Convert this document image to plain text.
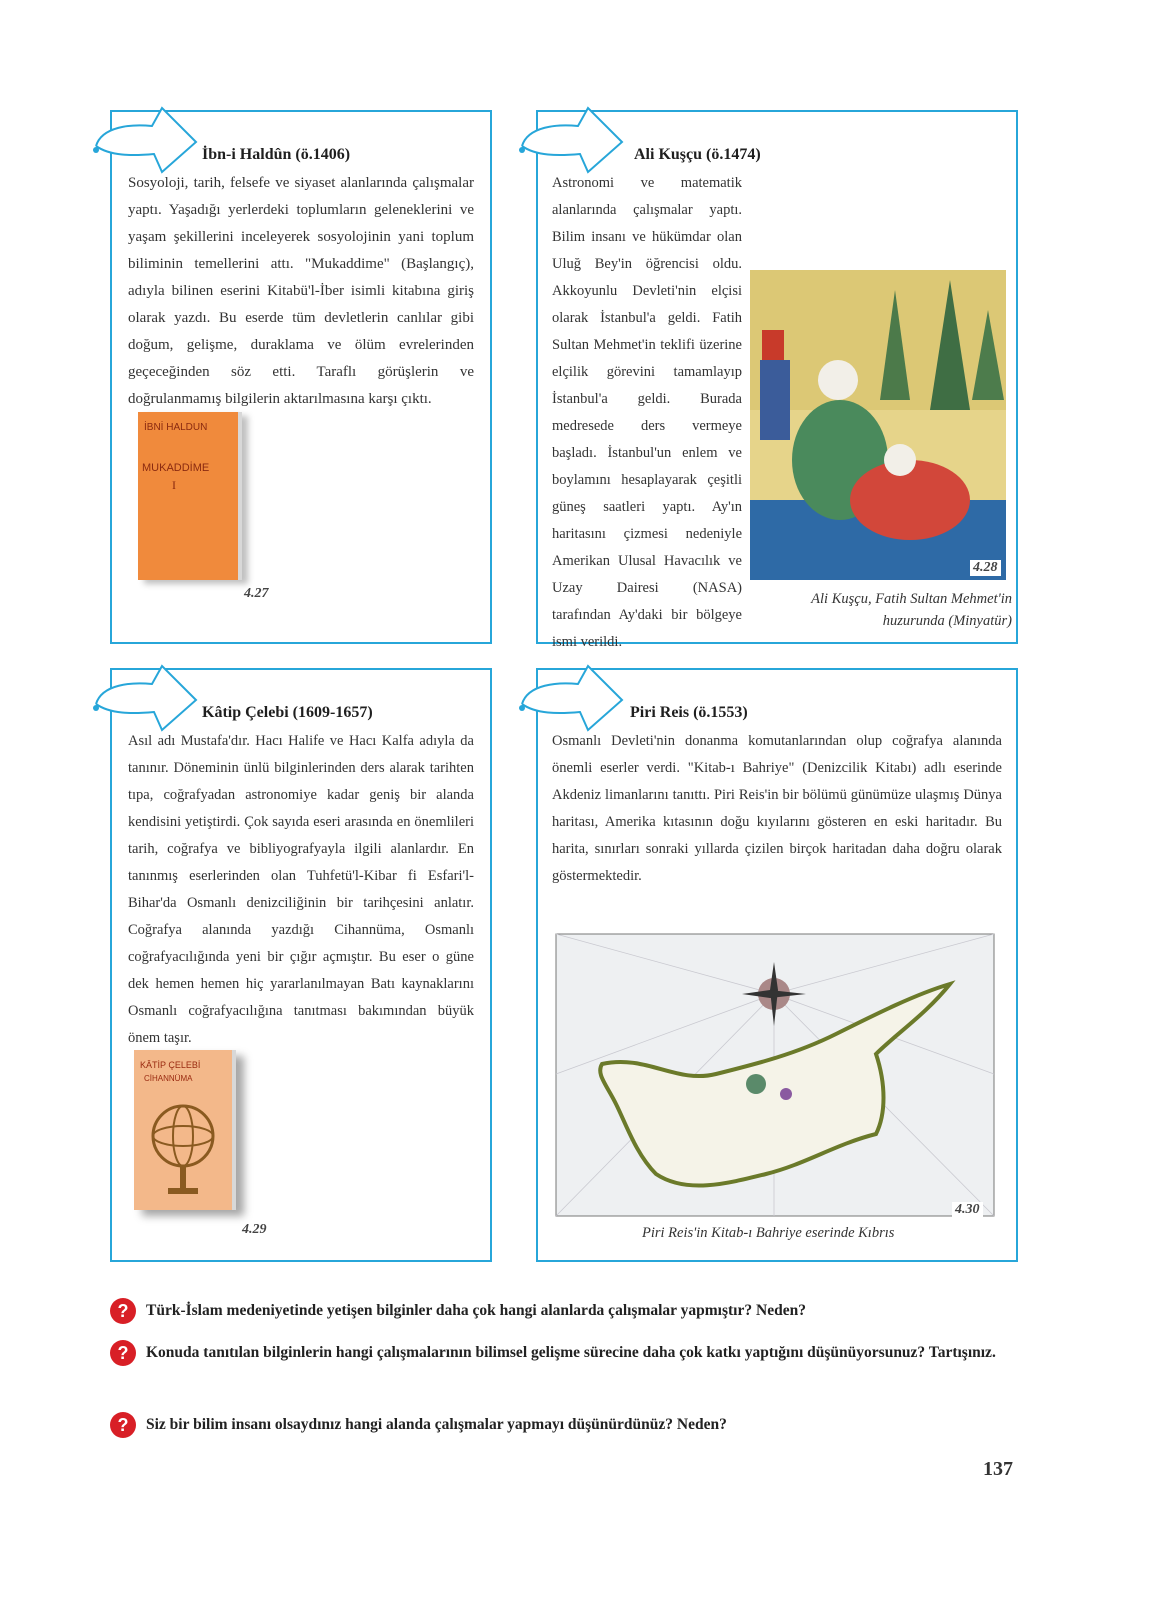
İbn-i Haldûn (ö.1406)
Sosyoloji, tarih, felsefe ve siyaset alanlarında çalışmalar yaptı. Yaşadığı yerlerdeki toplumların geleneklerini ve yaşam şekillerini inceleyerek sosyolojinin yani toplum biliminin temellerini attı. "Mukaddime" (Başlangıç), adıyla bilinen eserini Kitabü'l-İber isimli kitabına giriş olarak yazdı. Bu eserde tüm devletlerin canlılar gibi doğum, gelişme, duraklama ve ölüm evrelerinden geçeceğinden söz etti. Taraflı görüşlerin ve doğrulanmamış bilgilerin aktarılmasına karşı çıktı.
İBNİ HALDUN
MUKADDİME
I
4.27
Ali Kuşçu (ö.1474)
Astronomi ve matematik alanlarında çalışmalar yaptı. Bilim insanı ve hükümdar olan Uluğ Bey'in öğrencisi oldu. Akkoyunlu Devleti'nin elçisi olarak İstanbul'a geldi. Fatih Sultan Mehmet'in teklifi üzerine elçilik görevini tamamlayıp İstanbul'a geldi. Burada medresede ders vermeye başladı. İstanbul'un enlem ve boylamını hesaplayarak çeşitli güneş saatleri yaptı. Ay'ın haritasını çizmesi nedeniyle Amerikan Ulusal Havacılık ve Uzay Dairesi (NASA) tarafından Ay'daki bir bölgeye ismi verildi.
4.28
Ali Kuşçu, Fatih Sultan Mehmet'in huzurunda (Minyatür)
Kâtip Çelebi (1609-1657)
Asıl adı Mustafa'dır. Hacı Halife ve Hacı Kalfa adıyla da tanınır. Döneminin ünlü bilginlerinden ders alarak tarihten tıpa, coğrafyadan astronomiye kadar geniş bir alanda kendisini yetiştirdi. Çok sayıda eseri arasında en önemlileri tarih, coğrafya ve bibliyografyayla ilgili alanlardır. En tanınmış eserlerinden olan Tuhfetü'l-Kibar fi Esfari'l-Bihar'da Osmanlı denizciliğinin bir tarihçesini anlatır. Coğrafya alanında yazdığı Cihannüma, Osmanlı coğrafyacılığında yeni bir çığır açmıştır. Bu eser o güne dek hemen hemen hiç yararlanılmayan Batı kaynaklarını Osmanlı coğrafyacılığına tanıtması bakımından büyük önem taşır.
KÂTİP ÇELEBİ
CİHANNÜMA
4.29
Piri Reis (ö.1553)
Osmanlı Devleti'nin donanma komutanlarından olup coğrafya alanında önemli eserler verdi. "Kitab-ı Bahriye" (Denizcilik Kitabı) adlı eserinde Akdeniz limanlarını tanıttı. Piri Reis'in bir bölümü günümüze ulaşmış Dünya haritası, Amerika kıtasının doğu kıyılarını gösteren en eski haritadır. Bu harita, sınırları sonraki yıllarda çizilen birçok haritadan daha doğru olarak göstermektedir.
4.30
Piri Reis'in Kitab-ı Bahriye eserinde Kıbrıs
?	Türk-İslam medeniyetinde yetişen bilginler daha çok hangi alanlarda çalışmalar yapmıştır? Neden?
?	Konuda tanıtılan bilginlerin hangi çalışmalarının bilimsel gelişme sürecine daha çok katkı yaptığını düşünüyorsunuz? Tartışınız.
?	Siz bir bilim insanı olsaydınız hangi alanda çalışmalar yapmayı düşünürdünüz? Neden?
137
